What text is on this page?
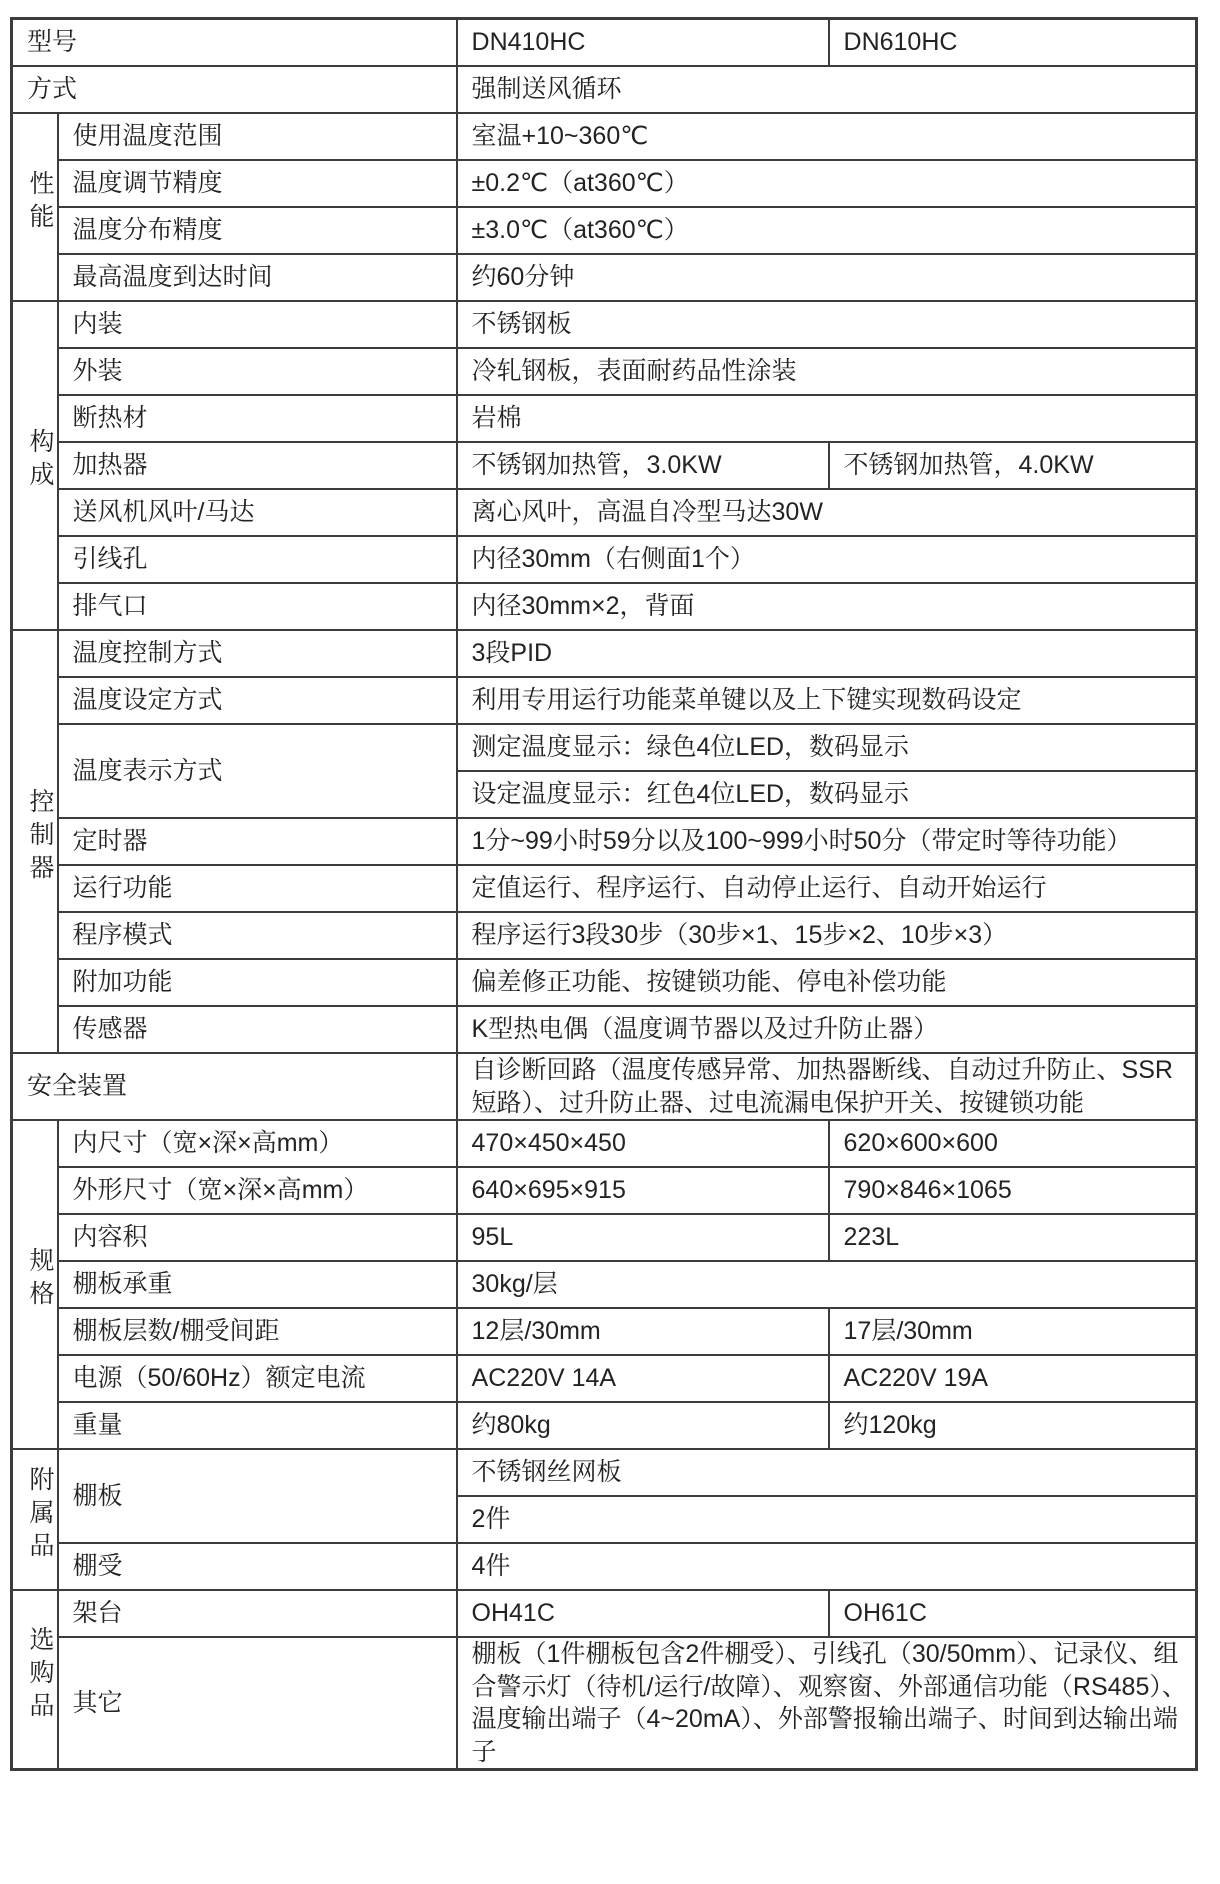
型号		DN410HC	DN610HC
方式		强制送风循环	
性能	使用温度范围	室温+10~360℃	
	温度调节精度	±0.2℃（at360℃）	
	温度分布精度	±3.0℃（at360℃）	
	最高温度到达时间	约60分钟	
构成	内装	不锈钢板	
	外装	冷轧钢板，表面耐药品性涂装	
	断热材	岩棉	
	加热器	不锈钢加热管，3.0KW	不锈钢加热管，4.0KW
	送风机风叶/马达	离心风叶，高温自冷型马达30W	
	引线孔	内径30mm（右侧面1个）	
	排气口	内径30mm×2，背面	
控制器	温度控制方式	3段PID	
	温度设定方式	利用专用运行功能菜单键以及上下键实现数码设定	
	温度表示方式	测定温度显示：绿色4位LED，数码显示	
		设定温度显示：红色4位LED，数码显示	
	定时器	1分~99小时59分以及100~999小时50分（带定时等待功能）	
	运行功能	定值运行、程序运行、自动停止运行、自动开始运行	
	程序模式	程序运行3段30步（30步×1、15步×2、10步×3）	
	附加功能	偏差修正功能、按键锁功能、停电补偿功能	
	传感器	K型热电偶（温度调节器以及过升防止器）	
安全装置		自诊断回路（温度传感异常、加热器断线、自动过升防止、SSR短路）、过升防止器、过电流漏电保护开关、按键锁功能	
规格	内尺寸（宽×深×高mm）	470×450×450	620×600×600
	外形尺寸（宽×深×高mm）	640×695×915	790×846×1065
	内容积	95L	223L
	棚板承重	30kg/层	
	棚板层数/棚受间距	12层/30mm	17层/30mm
	电源（50/60Hz）额定电流	AC220V 14A	AC220V 19A
	重量	约80kg	约120kg
附属品	棚板	不锈钢丝网板	
		2件	
	棚受	4件	
选购品	架台	OH41C	OH61C
	其它	棚板（1件棚板包含2件棚受）、引线孔（30/50mm）、记录仪、组合警示灯（待机/运行/故障）、观察窗、外部通信功能（RS485）、温度输出端子（4~20mA）、外部警报输出端子、时间到达输出端子	
